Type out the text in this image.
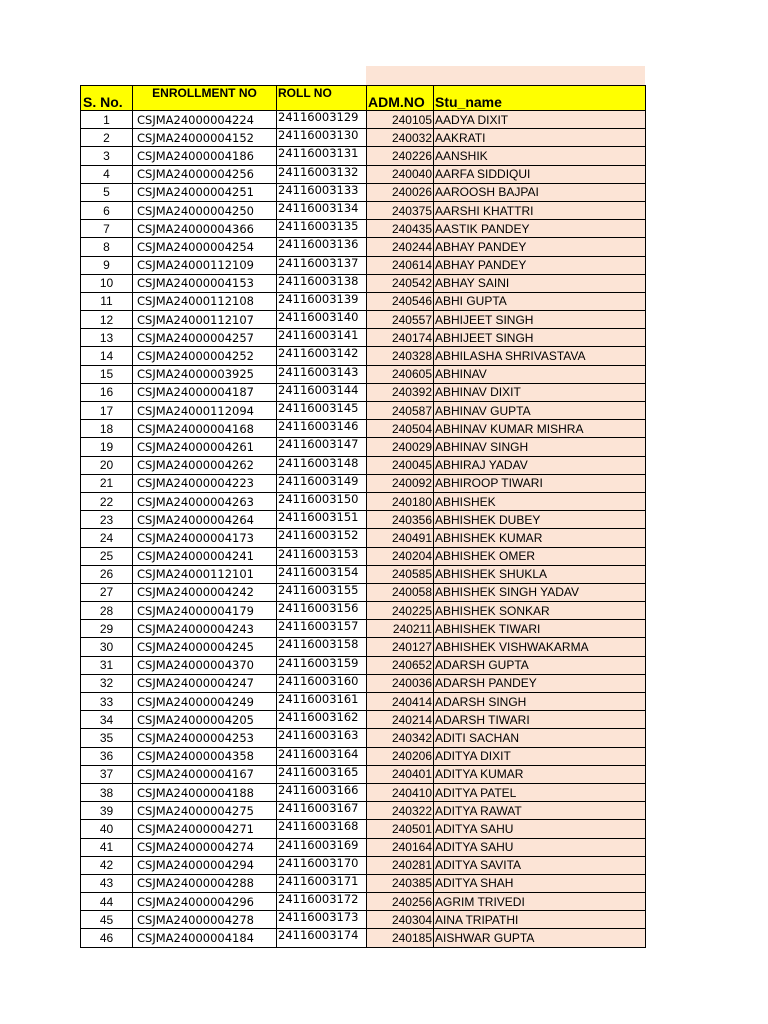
S. No.	ENROLLMENT NO	ROLL NO	ADM.NO	Stu_name
1	CSJMA24000004224	24116003129	240105	AADYA DIXIT
2	CSJMA24000004152	24116003130	240032	AAKRATI
3	CSJMA24000004186	24116003131	240226	AANSHIK
4	CSJMA24000004256	24116003132	240040	AARFA SIDDIQUI
5	CSJMA24000004251	24116003133	240026	AAROOSH BAJPAI
6	CSJMA24000004250	24116003134	240375	AARSHI KHATTRI
7	CSJMA24000004366	24116003135	240435	AASTIK PANDEY
8	CSJMA24000004254	24116003136	240244	ABHAY PANDEY
9	CSJMA24000112109	24116003137	240614	ABHAY PANDEY
10	CSJMA24000004153	24116003138	240542	ABHAY SAINI
11	CSJMA24000112108	24116003139	240546	ABHI GUPTA
12	CSJMA24000112107	24116003140	240557	ABHIJEET SINGH
13	CSJMA24000004257	24116003141	240174	ABHIJEET SINGH
14	CSJMA24000004252	24116003142	240328	ABHILASHA SHRIVASTAVA
15	CSJMA24000003925	24116003143	240605	ABHINAV
16	CSJMA24000004187	24116003144	240392	ABHINAV DIXIT
17	CSJMA24000112094	24116003145	240587	ABHINAV GUPTA
18	CSJMA24000004168	24116003146	240504	ABHINAV KUMAR MISHRA
19	CSJMA24000004261	24116003147	240029	ABHINAV SINGH
20	CSJMA24000004262	24116003148	240045	ABHIRAJ YADAV
21	CSJMA24000004223	24116003149	240092	ABHIROOP TIWARI
22	CSJMA24000004263	24116003150	240180	ABHISHEK
23	CSJMA24000004264	24116003151	240356	ABHISHEK DUBEY
24	CSJMA24000004173	24116003152	240491	ABHISHEK KUMAR
25	CSJMA24000004241	24116003153	240204	ABHISHEK OMER
26	CSJMA24000112101	24116003154	240585	ABHISHEK SHUKLA
27	CSJMA24000004242	24116003155	240058	ABHISHEK SINGH YADAV
28	CSJMA24000004179	24116003156	240225	ABHISHEK SONKAR
29	CSJMA24000004243	24116003157	240211	ABHISHEK TIWARI
30	CSJMA24000004245	24116003158	240127	ABHISHEK VISHWAKARMA
31	CSJMA24000004370	24116003159	240652	ADARSH GUPTA
32	CSJMA24000004247	24116003160	240036	ADARSH PANDEY
33	CSJMA24000004249	24116003161	240414	ADARSH SINGH
34	CSJMA24000004205	24116003162	240214	ADARSH TIWARI
35	CSJMA24000004253	24116003163	240342	ADITI SACHAN
36	CSJMA24000004358	24116003164	240206	ADITYA DIXIT
37	CSJMA24000004167	24116003165	240401	ADITYA KUMAR
38	CSJMA24000004188	24116003166	240410	ADITYA PATEL
39	CSJMA24000004275	24116003167	240322	ADITYA RAWAT
40	CSJMA24000004271	24116003168	240501	ADITYA SAHU
41	CSJMA24000004274	24116003169	240164	ADITYA SAHU
42	CSJMA24000004294	24116003170	240281	ADITYA SAVITA
43	CSJMA24000004288	24116003171	240385	ADITYA SHAH
44	CSJMA24000004296	24116003172	240256	AGRIM TRIVEDI
45	CSJMA24000004278	24116003173	240304	AINA TRIPATHI
46	CSJMA24000004184	24116003174	240185	AISHWAR GUPTA
